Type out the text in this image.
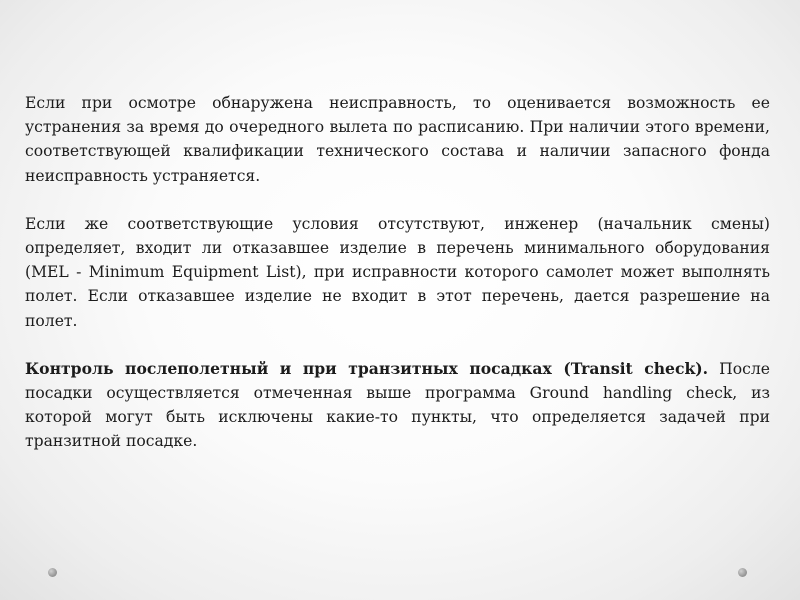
Если при осмотре обнаружена неисправность, то оценивается возможность ее устранения за время до очередного вылета по расписанию. При наличии этого времени, соответствующей квалификации технического состава и наличии запасного фонда неисправность устраняется.

Если же соответствующие условия отсутствуют, инженер (начальник смены) определяет, входит ли отказавшее изделие в перечень минимального оборудования (MEL - Minimum Equipment List), при исправности которого самолет может выполнять полет. Если отказавшее изделие не входит в этот перечень, дается разрешение на полет.

Контроль послеполетный и при транзитных посадках (Transit check). После посадки осуществляется отмеченная выше программа Ground handling check, из которой могут быть исключены какие-то пункты, что определяется задачей при транзитной посадке.
